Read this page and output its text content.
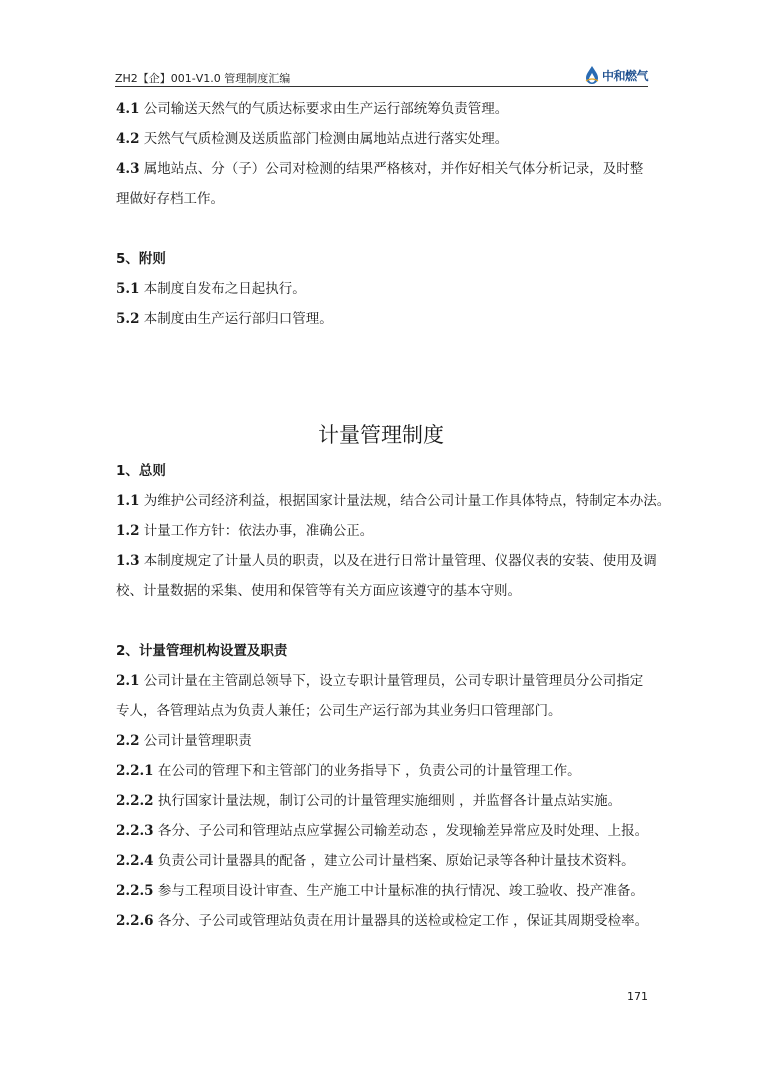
ZH2【企】001-V1.0 管理制度汇编	中和燃气

4.1 公司输送天然气的气质达标要求由生产运行部统筹负责管理。

4.2 天然气气质检测及送质监部门检测由属地站点进行落实处理。

4.3 属地站点、分（子）公司对检测的结果严格核对，并作好相关气体分析记录，及时整

理做好存档工作。

5、附则

5.1 本制度自发布之日起执行。

5.2 本制度由生产运行部归口管理。

计量管理制度

1、总则

1.1 为维护公司经济利益，根据国家计量法规，结合公司计量工作具体特点，特制定本办法。

1.2 计量工作方针：依法办事，准确公正。

1.3 本制度规定了计量人员的职责，以及在进行日常计量管理、仪器仪表的安装、使用及调

校、计量数据的采集、使用和保管等有关方面应该遵守的基本守则。

2、计量管理机构设置及职责

2.1 公司计量在主管副总领导下，设立专职计量管理员，公司专职计量管理员分公司指定

专人，各管理站点为负责人兼任；公司生产运行部为其业务归口管理部门。

2.2 公司计量管理职责

2.2.1 在公司的管理下和主管部门的业务指导下 ，负责公司的计量管理工作。

2.2.2 执行国家计量法规，制订公司的计量管理实施细则 ，并监督各计量点站实施。

2.2.3 各分、子公司和管理站点应掌握公司输差动态 ，发现输差异常应及时处理、上报。

2.2.4 负责公司计量器具的配备 ，建立公司计量档案、原始记录等各种计量技术资料。

2.2.5 参与工程项目设计审查、生产施工中计量标准的执行情况、竣工验收、投产准备。

2.2.6 各分、子公司或管理站负责在用计量器具的送检或检定工作 ，保证其周期受检率。

171
